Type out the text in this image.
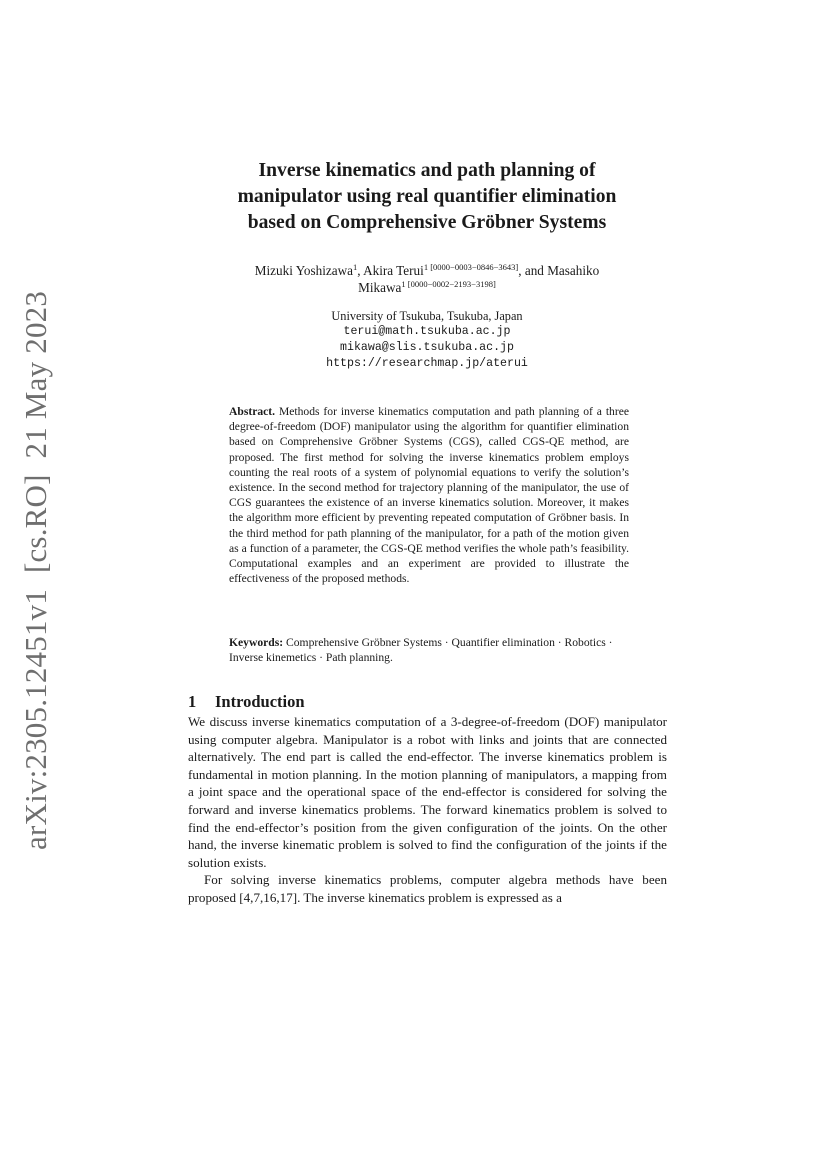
arXiv:2305.12451v1  [cs.RO]  21 May 2023
Inverse kinematics and path planning of
manipulator using real quantifier elimination
based on Comprehensive Gröbner Systems
Mizuki Yoshizawa$^1$, Akira Terui$^{1 [0000-0003-0846-3643]}$, and Masahiko
Mikawa$^{1 [0000-0002-2193-3198]}$
University of Tsukuba, Tsukuba, Japan
terui@math.tsukuba.ac.jp
mikawa@slis.tsukuba.ac.jp
https://researchmap.jp/aterui
Abstract. Methods for inverse kinematics computation and path planning of a three degree-of-freedom (DOF) manipulator using the algorithm for quantifier elimination based on Comprehensive Gröbner Systems (CGS), called CGS-QE method, are proposed. The first method for solving the inverse kinematics problem employs counting the real roots of a system of polynomial equations to verify the solution’s existence. In the second method for trajectory planning of the manipulator, the use of CGS guarantees the existence of an inverse kinematics solution. Moreover, it makes the algorithm more efficient by preventing repeated computation of Gröbner basis. In the third method for path planning of the manipulator, for a path of the motion given as a function of a parameter, the CGS-QE method verifies the whole path’s feasibility. Computational examples and an experiment are provided to illustrate the effectiveness of the proposed methods.
Keywords: Comprehensive Gröbner Systems · Quantifier elimination · Robotics · Inverse kinemetics · Path planning.
1 Introduction

We discuss inverse kinematics computation of a 3-degree-of-freedom (DOF) manipulator using computer algebra. Manipulator is a robot with links and joints that are connected alternatively. The end part is called the end-effector. The inverse kinematics problem is fundamental in motion planning. In the motion planning of manipulators, a mapping from a joint space and the operational space of the end-effector is considered for solving the forward and inverse kinematics problems. The forward kinematics problem is solved to find the end-effector’s position from the given configuration of the joints. On the other hand, the inverse kinematic problem is solved to find the configuration of the joints if the solution exists.

For solving inverse kinematics problems, computer algebra methods have been proposed [4,7,16,17]. The inverse kinematics problem is expressed as a
